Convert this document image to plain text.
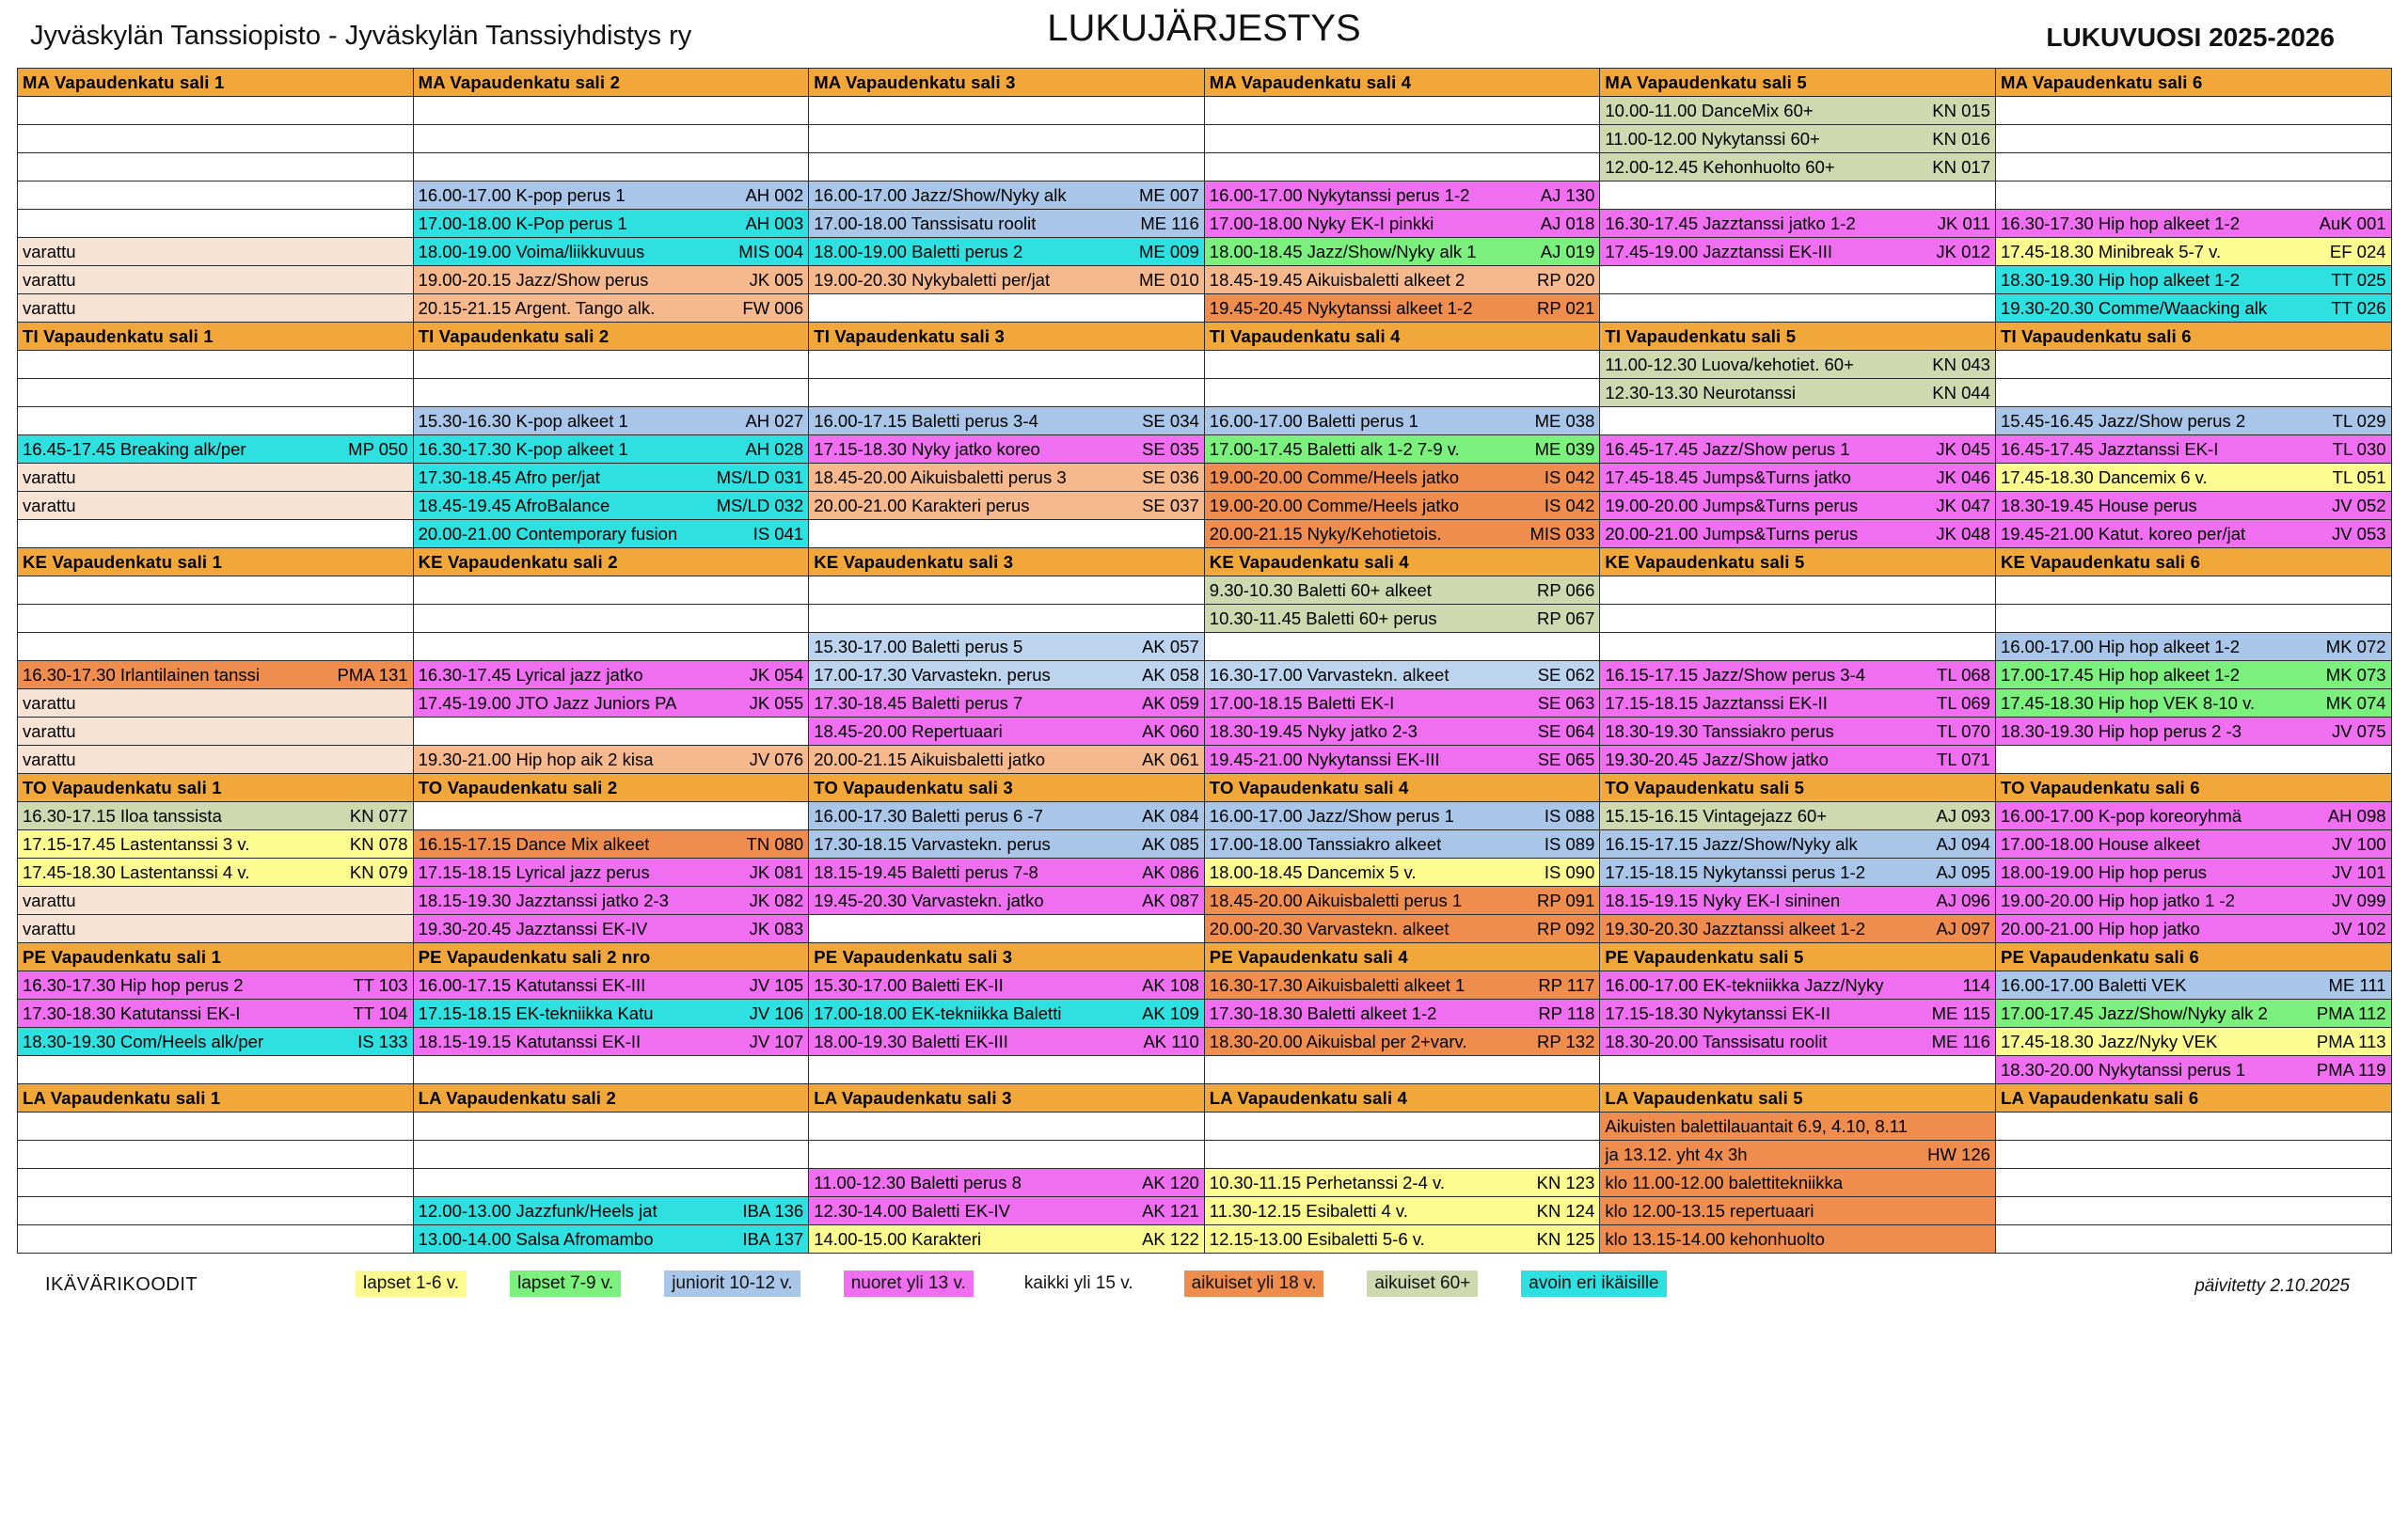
Jyväskylän Tanssiopisto - Jyväskylän Tanssiyhdistys ry	LUKUJÄRJESTYS	LUKUVUOSI 2025-2026
MA Vapaudenkatu sali 1	MA Vapaudenkatu sali 2	MA Vapaudenkatu sali 3	MA Vapaudenkatu sali 4	MA Vapaudenkatu sali 5	MA Vapaudenkatu sali 6

				10.00-11.00 DanceMix 60+ KN 015	

				11.00-12.00 Nykytanssi 60+ KN 016	

				12.00-12.45 Kehonhuolto 60+ KN 017	

	16.00-17.00 K-pop perus 1 AH 002	16.00-17.00 Jazz/Show/Nyky alk ME 007	16.00-17.00 Nykytanssi perus 1-2 AJ 130		

	17.00-18.00 K-Pop perus 1 AH 003	17.00-18.00 Tanssisatu roolit ME 116	17.00-18.00 Nyky EK-I pinkki AJ 018	16.30-17.45 Jazztanssi jatko 1-2 JK 011	16.30-17.30 Hip hop alkeet 1-2 AuK 001

varattu	18.00-19.00 Voima/liikkuvuus MIS 004	18.00-19.00 Baletti perus 2 ME 009	18.00-18.45 Jazz/Show/Nyky alk 1 AJ 019	17.45-19.00 Jazztanssi EK-III JK 012	17.45-18.30 Minibreak 5-7 v. EF 024

varattu	19.00-20.15 Jazz/Show perus JK 005	19.00-20.30 Nykybaletti per/jat ME 010	18.45-19.45 Aikuisbaletti alkeet 2 RP 020		18.30-19.30 Hip hop alkeet 1-2 TT 025

varattu	20.15-21.15 Argent. Tango alk. FW 006		19.45-20.45 Nykytanssi alkeet 1-2 RP 021		19.30-20.30 Comme/Waacking alk TT 026

TI Vapaudenkatu sali 1	TI Vapaudenkatu sali 2	TI Vapaudenkatu sali 3	TI Vapaudenkatu sali 4	TI Vapaudenkatu sali 5	TI Vapaudenkatu sali 6

				11.00-12.30 Luova/kehotiet. 60+ KN 043	

				12.30-13.30 Neurotanssi KN 044	

	15.30-16.30 K-pop alkeet 1 AH 027	16.00-17.15 Baletti perus 3-4 SE 034	16.00-17.00 Baletti perus 1 ME 038		15.45-16.45 Jazz/Show perus 2 TL 029

16.45-17.45 Breaking alk/per MP 050	16.30-17.30 K-pop alkeet 1 AH 028	17.15-18.30 Nyky jatko koreo SE 035	17.00-17.45 Baletti alk 1-2 7-9 v. ME 039	16.45-17.45 Jazz/Show perus 1 JK 045	16.45-17.45 Jazztanssi EK-I TL 030

varattu	17.30-18.45 Afro per/jat MS/LD 031	18.45-20.00 Aikuisbaletti perus 3 SE 036	19.00-20.00 Comme/Heels jatko IS 042	17.45-18.45 Jumps&Turns jatko JK 046	17.45-18.30 Dancemix 6 v. TL 051

varattu	18.45-19.45 AfroBalance MS/LD 032	20.00-21.00 Karakteri perus SE 037	19.00-20.00 Comme/Heels jatko IS 042	19.00-20.00 Jumps&Turns perus JK 047	18.30-19.45 House perus JV 052

	20.00-21.00 Contemporary fusion IS 041		20.00-21.15 Nyky/Kehotietois. MIS 033	20.00-21.00 Jumps&Turns perus JK 048	19.45-21.00 Katut. koreo per/jat JV 053

KE Vapaudenkatu sali 1	KE Vapaudenkatu sali 2	KE Vapaudenkatu sali 3	KE Vapaudenkatu sali 4	KE Vapaudenkatu sali 5	KE Vapaudenkatu sali 6

			9.30-10.30 Baletti 60+ alkeet RP 066		

			10.30-11.45 Baletti 60+ perus RP 067		

		15.30-17.00 Baletti perus 5 AK 057			16.00-17.00 Hip hop alkeet 1-2 MK 072

16.30-17.30 Irlantilainen tanssi PMA 131	16.30-17.45 Lyrical jazz jatko JK 054	17.00-17.30 Varvastekn. perus AK 058	16.30-17.00 Varvastekn. alkeet SE 062	16.15-17.15 Jazz/Show perus 3-4 TL 068	17.00-17.45 Hip hop alkeet 1-2 MK 073

varattu	17.45-19.00 JTO Jazz Juniors PA JK 055	17.30-18.45 Baletti perus 7 AK 059	17.00-18.15 Baletti EK-I SE 063	17.15-18.15 Jazztanssi EK-II TL 069	17.45-18.30 Hip hop VEK 8-10 v. MK 074

varattu		18.45-20.00 Repertuaari AK 060	18.30-19.45 Nyky jatko 2-3 SE 064	18.30-19.30 Tanssiakro perus TL 070	18.30-19.30 Hip hop perus 2 -3 JV 075

varattu	19.30-21.00 Hip hop aik 2 kisa JV 076	20.00-21.15 Aikuisbaletti jatko AK 061	19.45-21.00 Nykytanssi EK-III SE 065	19.30-20.45 Jazz/Show jatko TL 071	

TO Vapaudenkatu sali 1	TO Vapaudenkatu sali 2	TO Vapaudenkatu sali 3	TO Vapaudenkatu sali 4	TO Vapaudenkatu sali 5	TO Vapaudenkatu sali 6

16.30-17.15 Iloa tanssista KN 077		16.00-17.30 Baletti perus 6 -7 AK 084	16.00-17.00 Jazz/Show perus 1 IS 088	15.15-16.15 Vintagejazz 60+ AJ 093	16.00-17.00 K-pop koreoryhmä AH 098

17.15-17.45 Lastentanssi 3 v. KN 078	16.15-17.15 Dance Mix alkeet TN 080	17.30-18.15 Varvastekn. perus AK 085	17.00-18.00 Tanssiakro alkeet IS 089	16.15-17.15 Jazz/Show/Nyky alk AJ 094	17.00-18.00 House alkeet JV 100

17.45-18.30 Lastentanssi 4 v. KN 079	17.15-18.15 Lyrical jazz perus JK 081	18.15-19.45 Baletti perus 7-8 AK 086	18.00-18.45 Dancemix 5 v. IS 090	17.15-18.15 Nykytanssi perus 1-2 AJ 095	18.00-19.00 Hip hop perus JV 101

varattu	18.15-19.30 Jazztanssi jatko 2-3 JK 082	19.45-20.30 Varvastekn. jatko AK 087	18.45-20.00 Aikuisbaletti perus 1 RP 091	18.15-19.15 Nyky EK-I sininen AJ 096	19.00-20.00 Hip hop jatko 1 -2 JV 099

varattu	19.30-20.45 Jazztanssi EK-IV JK 083		20.00-20.30 Varvastekn. alkeet RP 092	19.30-20.30 Jazztanssi alkeet 1-2 AJ 097	20.00-21.00 Hip hop jatko JV 102

PE Vapaudenkatu sali 1	PE Vapaudenkatu sali 2 nro	PE Vapaudenkatu sali 3	PE Vapaudenkatu sali 4	PE Vapaudenkatu sali 5	PE Vapaudenkatu sali 6

16.30-17.30 Hip hop perus 2 TT 103	16.00-17.15 Katutanssi EK-III JV 105	15.30-17.00 Baletti EK-II AK 108	16.30-17.30 Aikuisbaletti alkeet 1 RP 117	16.00-17.00 EK-tekniikka Jazz/Nyky 114	16.00-17.00 Baletti VEK ME 111

17.30-18.30 Katutanssi EK-I TT 104	17.15-18.15 EK-tekniikka Katu JV 106	17.00-18.00 EK-tekniikka Baletti AK 109	17.30-18.30 Baletti alkeet 1-2 RP 118	17.15-18.30 Nykytanssi EK-II ME 115	17.00-17.45 Jazz/Show/Nyky alk 2 PMA 112

18.30-19.30 Com/Heels alk/per IS 133	18.15-19.15 Katutanssi EK-II JV 107	18.00-19.30 Baletti EK-III AK 110	18.30-20.00 Aikuisbal per 2+varv. RP 132	18.30-20.00 Tanssisatu roolit ME 116	17.45-18.30 Jazz/Nyky VEK PMA 113

					18.30-20.00 Nykytanssi perus 1 PMA 119

LA Vapaudenkatu sali 1	LA Vapaudenkatu sali 2	LA Vapaudenkatu sali 3	LA Vapaudenkatu sali 4	LA Vapaudenkatu sali 5	LA Vapaudenkatu sali 6

				Aikuisten balettilauantait 6.9, 4.10, 8.11	

				ja 13.12. yht 4x 3h HW 126	

		11.00-12.30 Baletti perus 8 AK 120	10.30-11.15 Perhetanssi 2-4 v. KN 123	klo 11.00-12.00 balettitekniikka	

	12.00-13.00 Jazzfunk/Heels jat IBA 136	12.30-14.00 Baletti EK-IV AK 121	11.30-12.15 Esibaletti 4 v. KN 124	klo 12.00-13.15 repertuaari	

	13.00-14.00 Salsa Afromambo IBA 137	14.00-15.00 Karakteri AK 122	12.15-13.00 Esibaletti 5-6 v. KN 125	klo 13.15-14.00 kehonhuolto	

IKÄVÄRIKOODIT	lapset 1-6 v.	lapset 7-9 v.	juniorit 10-12 v.	nuoret yli 13 v.	kaikki yli 15 v.	aikuiset yli 18 v.	aikuiset 60+	avoin eri ikäisille	päivitetty 2.10.2025
